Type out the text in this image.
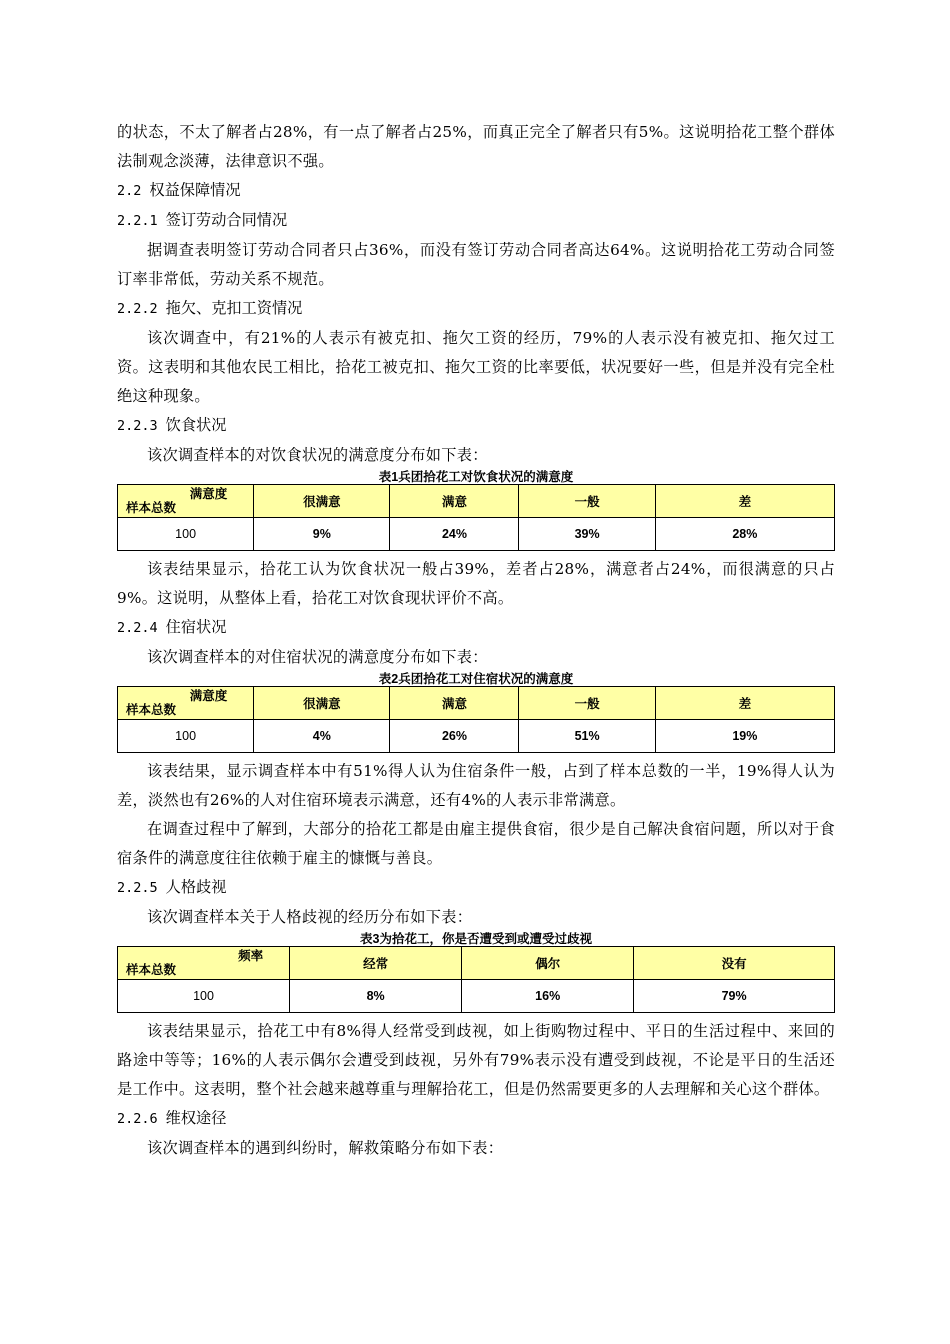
的状态，不太了解者占28%，有一点了解者占25%，而真正完全了解者只有5%。这说明拾花工整个群体法制观念淡薄，法律意识不强。

2.2 权益保障情况
2.2.1 签订劳动合同情况

据调查表明签订劳动合同者只占36%，而没有签订劳动合同者高达64%。这说明拾花工劳动合同签订率非常低，劳动关系不规范。

2.2.2 拖欠、克扣工资情况

该次调查中，有21%的人表示有被克扣、拖欠工资的经历，79%的人表示没有被克扣、拖欠过工资。这表明和其他农民工相比，拾花工被克扣、拖欠工资的比率要低，状况要好一些，但是并没有完全杜绝这种现象。

2.2.3 饮食状况

该次调查样本的对饮食状况的满意度分布如下表：

表1兵团拾花工对饮食状况的满意度
满意度
样本总数	很满意	满意	一般	差
100	9%	24%	39%	28%

该表结果显示，拾花工认为饮食状况一般占39%，差者占28%，满意者占24%，而很满意的只占9%。这说明，从整体上看，拾花工对饮食现状评价不高。

2.2.4 住宿状况

该次调查样本的对住宿状况的满意度分布如下表：

表2兵团拾花工对住宿状况的满意度
满意度
样本总数	很满意	满意	一般	差
100	4%	26%	51%	19%

该表结果，显示调查样本中有51%得人认为住宿条件一般，占到了样本总数的一半，19%得人认为差，淡然也有26%的人对住宿环境表示满意，还有4%的人表示非常满意。

在调查过程中了解到，大部分的拾花工都是由雇主提供食宿，很少是自己解决食宿问题，所以对于食宿条件的满意度往往依赖于雇主的慷慨与善良。

2.2.5 人格歧视

该次调查样本关于人格歧视的经历分布如下表：

表3为拾花工，你是否遭受到或遭受过歧视
频率
样本总数	经常	偶尔	没有
100	8%	16%	79%

该表结果显示，拾花工中有8%得人经常受到歧视，如上街购物过程中、平日的生活过程中、来回的路途中等等；16%的人表示偶尔会遭受到歧视，另外有79%表示没有遭受到歧视，不论是平日的生活还是工作中。这表明，整个社会越来越尊重与理解拾花工，但是仍然需要更多的人去理解和关心这个群体。

2.2.6 维权途径

该次调查样本的遇到纠纷时，解救策略分布如下表：
